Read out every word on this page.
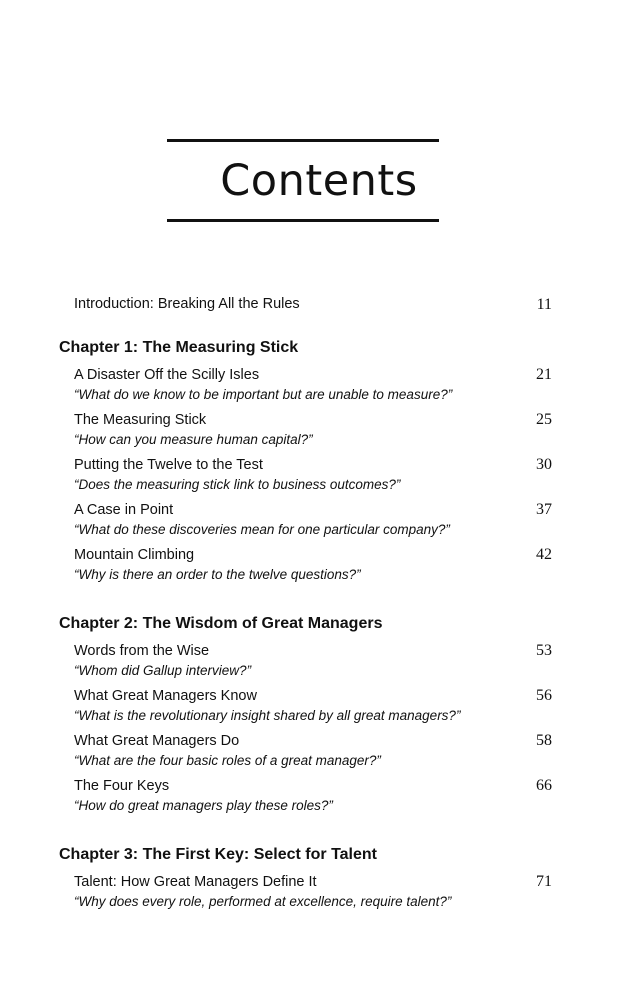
Contents
Introduction: Breaking All the Rules	11
Chapter 1: The Measuring Stick
A Disaster Off the Scilly Isles	21
“What do we know to be important but are unable to measure?”
The Measuring Stick	25
“How can you measure human capital?”
Putting the Twelve to the Test	30
“Does the measuring stick link to business outcomes?”
A Case in Point	37
“What do these discoveries mean for one particular company?”
Mountain Climbing	42
“Why is there an order to the twelve questions?”
Chapter 2: The Wisdom of Great Managers
Words from the Wise	53
“Whom did Gallup interview?”
What Great Managers Know	56
“What is the revolutionary insight shared by all great managers?”
What Great Managers Do	58
“What are the four basic roles of a great manager?”
The Four Keys	66
“How do great managers play these roles?”
Chapter 3: The First Key: Select for Talent
Talent: How Great Managers Define It	71
“Why does every role, performed at excellence, require talent?”
